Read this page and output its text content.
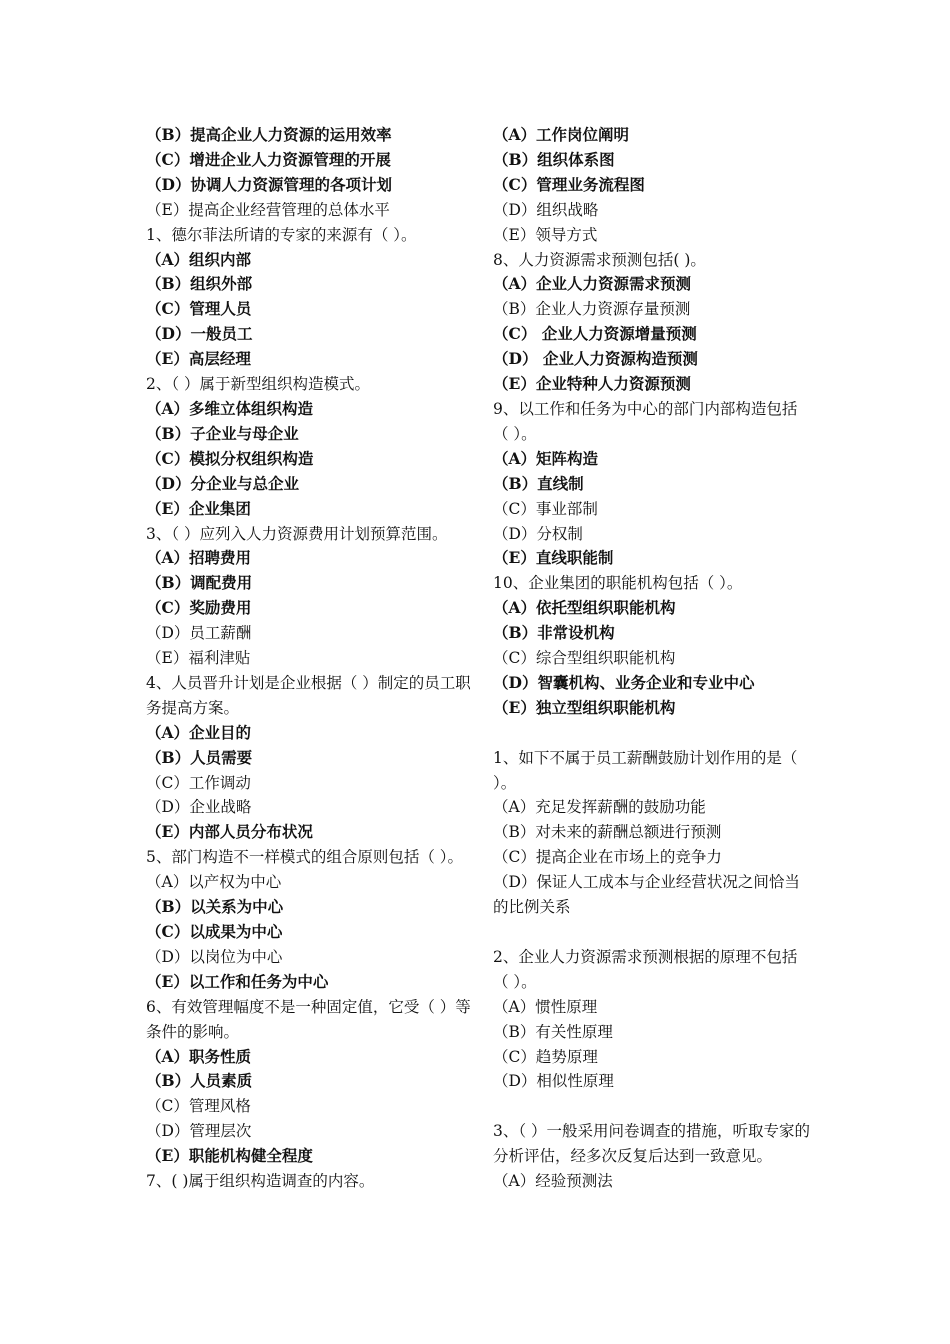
（B）提高企业人力资源的运用效率
（C）增进企业人力资源管理的开展
（D）协调人力资源管理的各项计划
（E）提高企业经营管理的总体水平
1、德尔菲法所请的专家的来源有（ ）。
（A）组织内部
（B）组织外部
（C）管理人员
（D）一般员工
（E）高层经理
2、（ ）属于新型组织构造模式。
（A）多维立体组织构造
（B）子企业与母企业
（C）模拟分权组织构造
（D）分企业与总企业
（E）企业集团
3、（ ）应列入人力资源费用计划预算范围。
（A）招聘费用
（B）调配费用
（C）奖励费用
（D）员工薪酬
（E）福利津贴
4、人员晋升计划是企业根据（ ）制定的员工职务提高方案。
（A）企业目的
（B）人员需要
（C）工作调动
（D）企业战略
（E）内部人员分布状况
5、部门构造不一样模式的组合原则包括（ ）。
（A）以产权为中心
（B）以关系为中心
（C）以成果为中心
（D）以岗位为中心
（E）以工作和任务为中心
6、有效管理幅度不是一种固定值，它受（ ）等条件的影响。
（A）职务性质
（B）人员素质
（C）管理风格
（D）管理层次
（E）职能机构健全程度
7、( )属于组织构造调查的内容。
（A）工作岗位阐明
（B）组织体系图
（C）管理业务流程图
（D）组织战略
（E）领导方式
8、人力资源需求预测包括( )。
（A）企业人力资源需求预测
（B）企业人力资源存量预测
（C） 企业人力资源增量预测
（D） 企业人力资源构造预测
（E）企业特种人力资源预测
9、以工作和任务为中心的部门内部构造包括（ ）。
（A）矩阵构造
（B）直线制
（C）事业部制
（D）分权制
（E）直线职能制
10、企业集团的职能机构包括（ ）。
（A）依托型组织职能机构
（B）非常设机构
（C）综合型组织职能机构
（D）智囊机构、业务企业和专业中心
（E）独立型组织职能机构
1、如下不属于员工薪酬鼓励计划作用的是（ ）。
（A）充足发挥薪酬的鼓励功能
（B）对未来的薪酬总额进行预测
（C）提高企业在市场上的竞争力
（D）保证人工成本与企业经营状况之间恰当的比例关系
2、企业人力资源需求预测根据的原理不包括（ ）。
（A）惯性原理
（B）有关性原理
（C）趋势原理
（D）相似性原理
3、（ ）一般采用问卷调查的措施，听取专家的分析评估，经多次反复后达到一致意见。
（A）经验预测法
